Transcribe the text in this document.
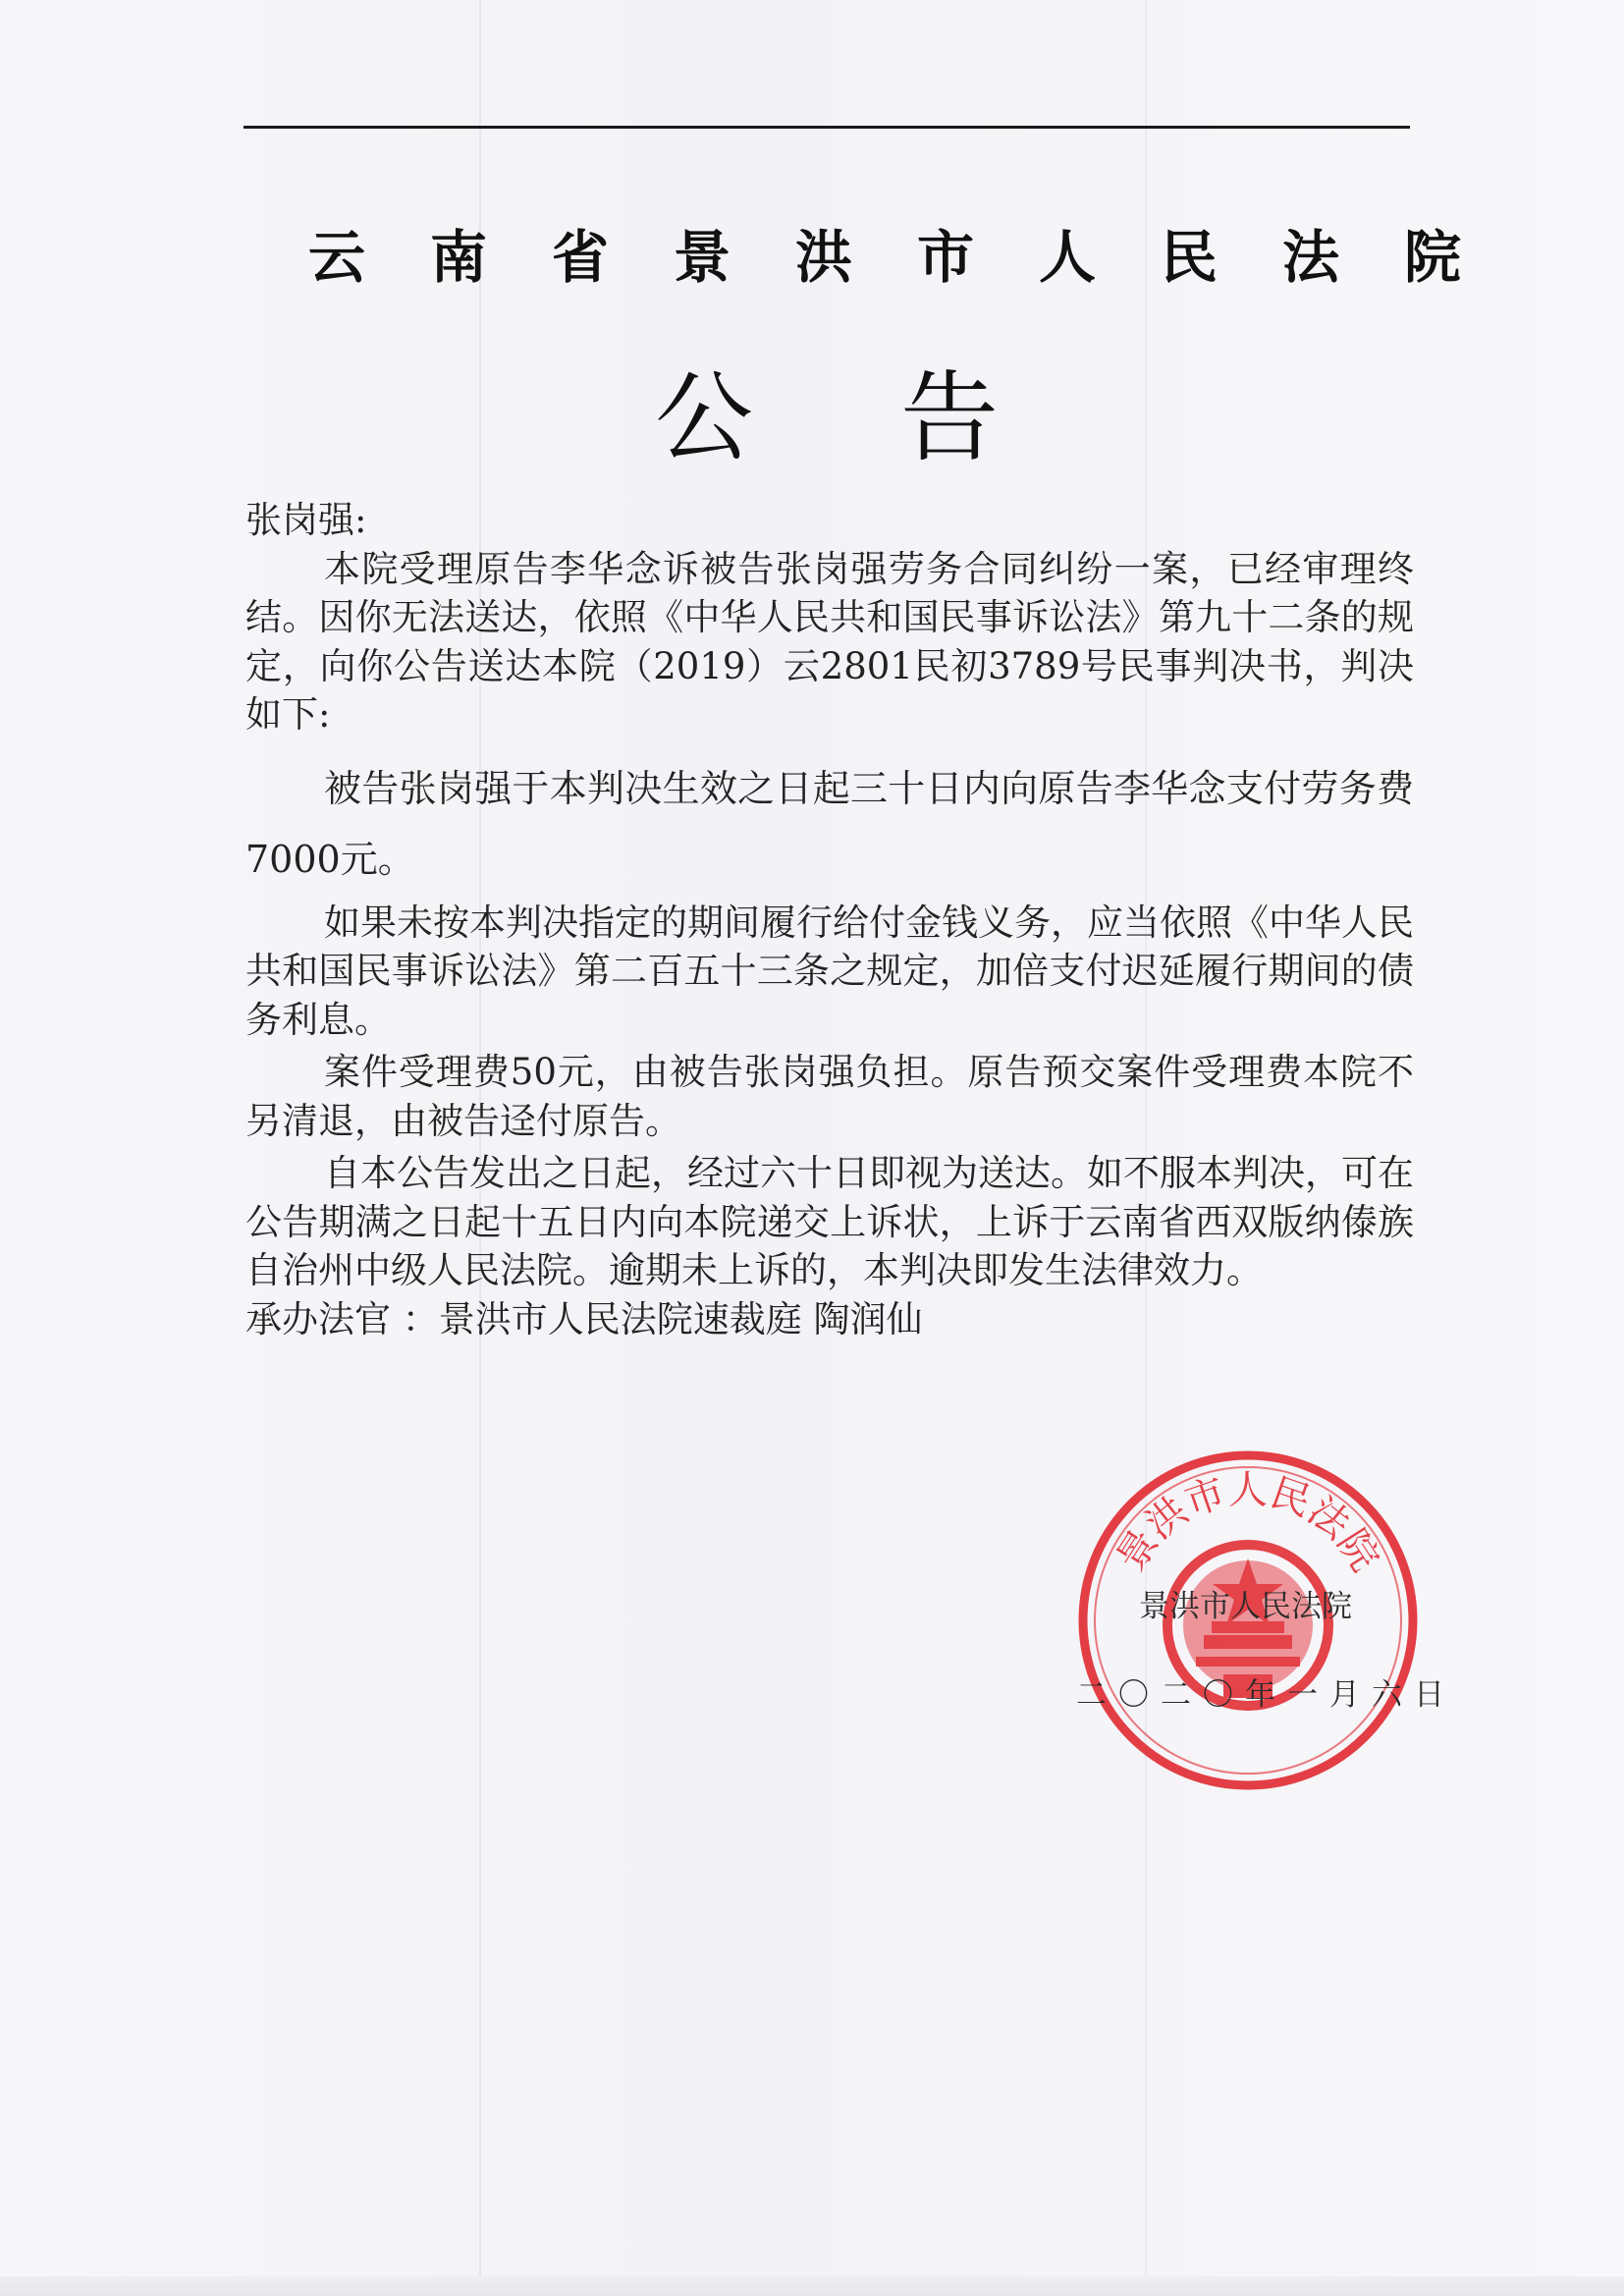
云南省景洪市人民法院
公告

张岗强:

本院受理原告李华念诉被告张岗强劳务合同纠纷一案，已经审理终结。因你无法送达，依照《中华人民共和国民事诉讼法》第九十二条的规定，向你公告送达本院（2019）云2801民初3789号民事判决书，判决如下:

被告张岗强于本判决生效之日起三十日内向原告李华念支付劳务费7000元。

如果未按本判决指定的期间履行给付金钱义务，应当依照《中华人民共和国民事诉讼法》第二百五十三条之规定，加倍支付迟延履行期间的债务利息。

案件受理费50元，由被告张岗强负担。原告预交案件受理费本院不另清退，由被告迳付原告。

自本公告发出之日起，经过六十日即视为送达。如不服本判决，可在公告期满之日起十五日内向本院递交上诉状，上诉于云南省西双版纳傣族自治州中级人民法院。逾期未上诉的，本判决即发生法律效力。

承办法官 ：景洪市人民法院速裁庭 陶润仙

景洪市人民法院
景洪市人民法院
二〇二〇年一月六日
